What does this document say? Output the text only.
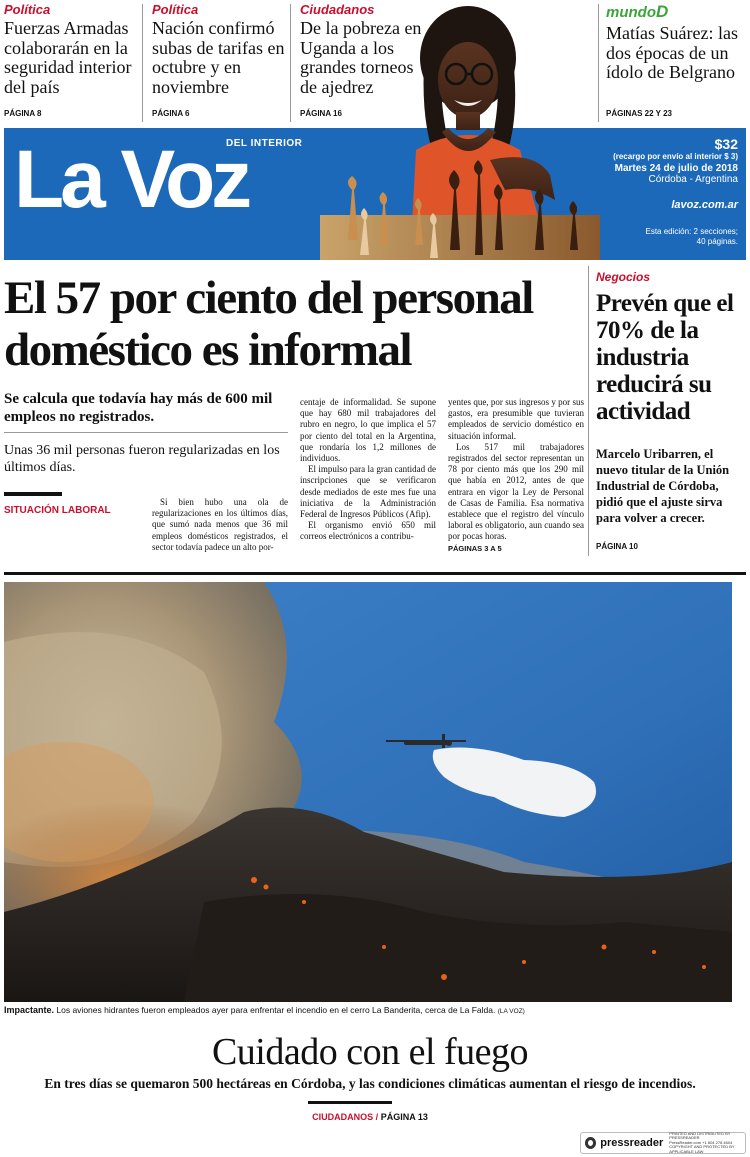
Política
Fuerzas Armadas colaborarán en la seguridad interior del país
PÁGINA 8
Política
Nación confirmó subas de tarifas en octubre y en noviembre
PÁGINA 6
Ciudadanos
De la pobreza en Uganda a los grandes torneos de ajedrez
PÁGINA 16
mundoD
Matías Suárez: las dos épocas de un ídolo de Belgrano
PÁGINAS 22 Y 23
La Voz
DEL INTERIOR	$32
(recargo por envío al interior $ 3)
Martes 24 de julio de 2018
Córdoba - Argentina
lavoz.com.ar
Esta edición: 2 secciones;
40 páginas.
El 57 por ciento del personal doméstico es informal
Se calcula que todavía hay más de 600 mil empleos no registrados.
Unas 36 mil personas fueron regularizadas en los últimos días.
SITUACIÓN LABORAL

Si bien hubo una ola de regularizaciones en los últimos días, que sumó nada menos que 36 mil empleos domésticos registrados, el sector todavía padece un alto por-

centaje de informalidad. Se supone que hay 680 mil trabajadores del rubro en negro, lo que implica el 57 por ciento del total en la Argentina, que rondaría los 1,2 millones de individuos.

El impulso para la gran cantidad de inscripciones que se verificaron desde mediados de este mes fue una iniciativa de la Administración Federal de Ingresos Públicos (Afip).

El organismo envió 650 mil correos electrónicos a contribu-

yentes que, por sus ingresos y por sus gastos, era presumible que tuvieran empleados de servicio doméstico en situación informal.

Los 517 mil trabajadores registrados del sector representan un 78 por ciento más que los 290 mil que había en 2012, antes de que entrara en vigor la Ley de Personal de Casas de Familia. Esa normativa establece que el registro del vínculo laboral es obligatorio, aun cuando sea por pocas horas.

PÁGINAS 3 A 5
Negocios
Prevén que el 70% de la industria reducirá su actividad
Marcelo Uribarren, el nuevo titular de la Unión Industrial de Córdoba, pidió que el ajuste sirva para volver a crecer.
PÁGINA 10
Impactante. Los aviones hidrantes fueron empleados ayer para enfrentar el incendio en el cerro La Banderita, cerca de La Falda. (LA VOZ)
Cuidado con el fuego
En tres días se quemaron 500 hectáreas en Córdoba, y las condiciones climáticas aumentan el riesgo de incendios.
CIUDADANOS / PÁGINA 13
pressreader
PRINTED AND DISTRIBUTED BY PRESSREADER
PressReader.com +1 604 278 4604
COPYRIGHT AND PROTECTED BY APPLICABLE LAW
